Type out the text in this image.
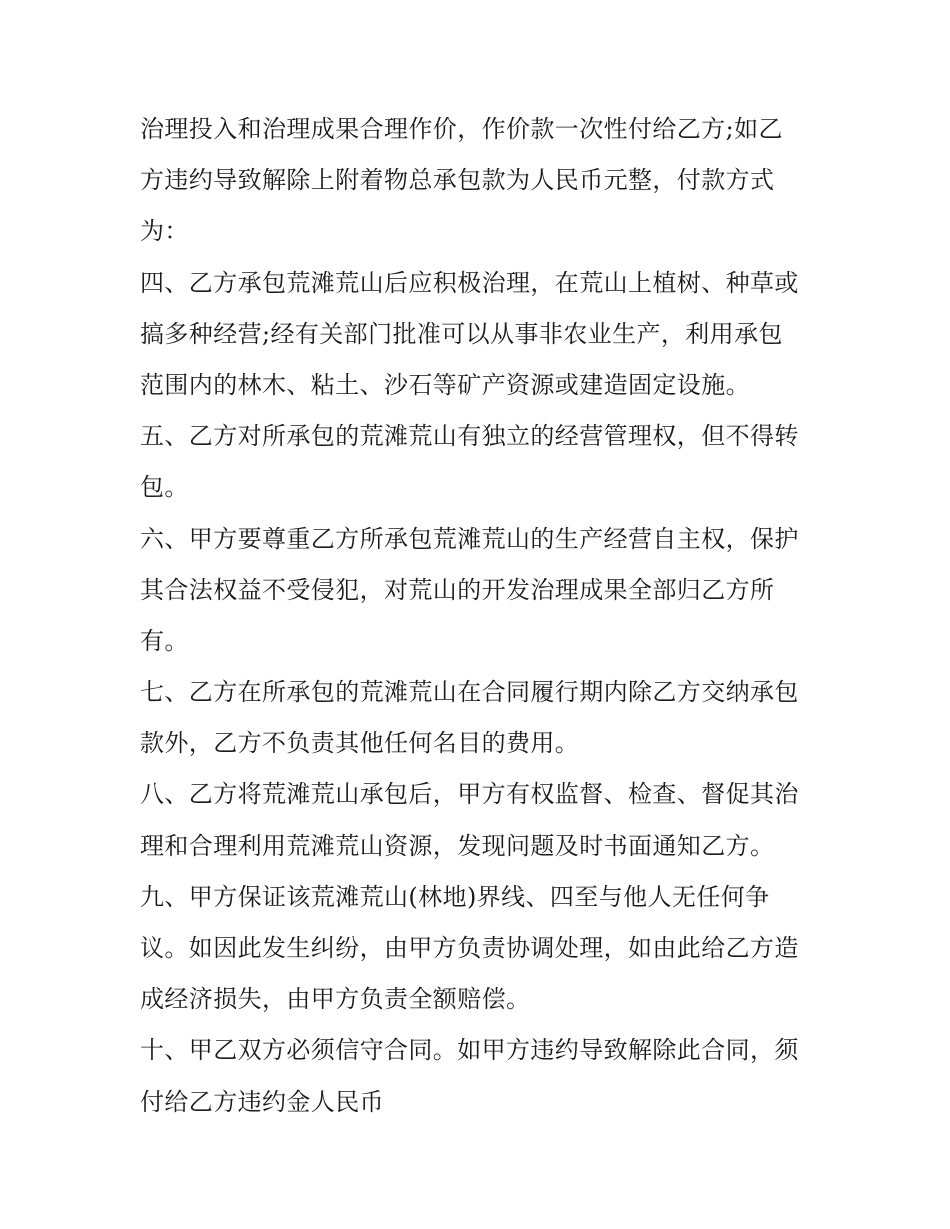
治理投入和治理成果合理作价，作价款一次性付给乙方;如乙
方违约导致解除上附着物总承包款为人民币元整，付款方式
为：
四、乙方承包荒滩荒山后应积极治理，在荒山上植树、种草或
搞多种经营;经有关部门批准可以从事非农业生产，利用承包
范围内的林木、粘土、沙石等矿产资源或建造固定设施。
五、乙方对所承包的荒滩荒山有独立的经营管理权，但不得转
包。
六、甲方要尊重乙方所承包荒滩荒山的生产经营自主权，保护
其合法权益不受侵犯，对荒山的开发治理成果全部归乙方所
有。
七、乙方在所承包的荒滩荒山在合同履行期内除乙方交纳承包
款外，乙方不负责其他任何名目的费用。
八、乙方将荒滩荒山承包后，甲方有权监督、检查、督促其治
理和合理利用荒滩荒山资源，发现问题及时书面通知乙方。
九、甲方保证该荒滩荒山(林地)界线、四至与他人无任何争
议。如因此发生纠纷，由甲方负责协调处理，如由此给乙方造
成经济损失，由甲方负责全额赔偿。
十、甲乙双方必须信守合同。如甲方违约导致解除此合同，须
付给乙方违约金人民币
